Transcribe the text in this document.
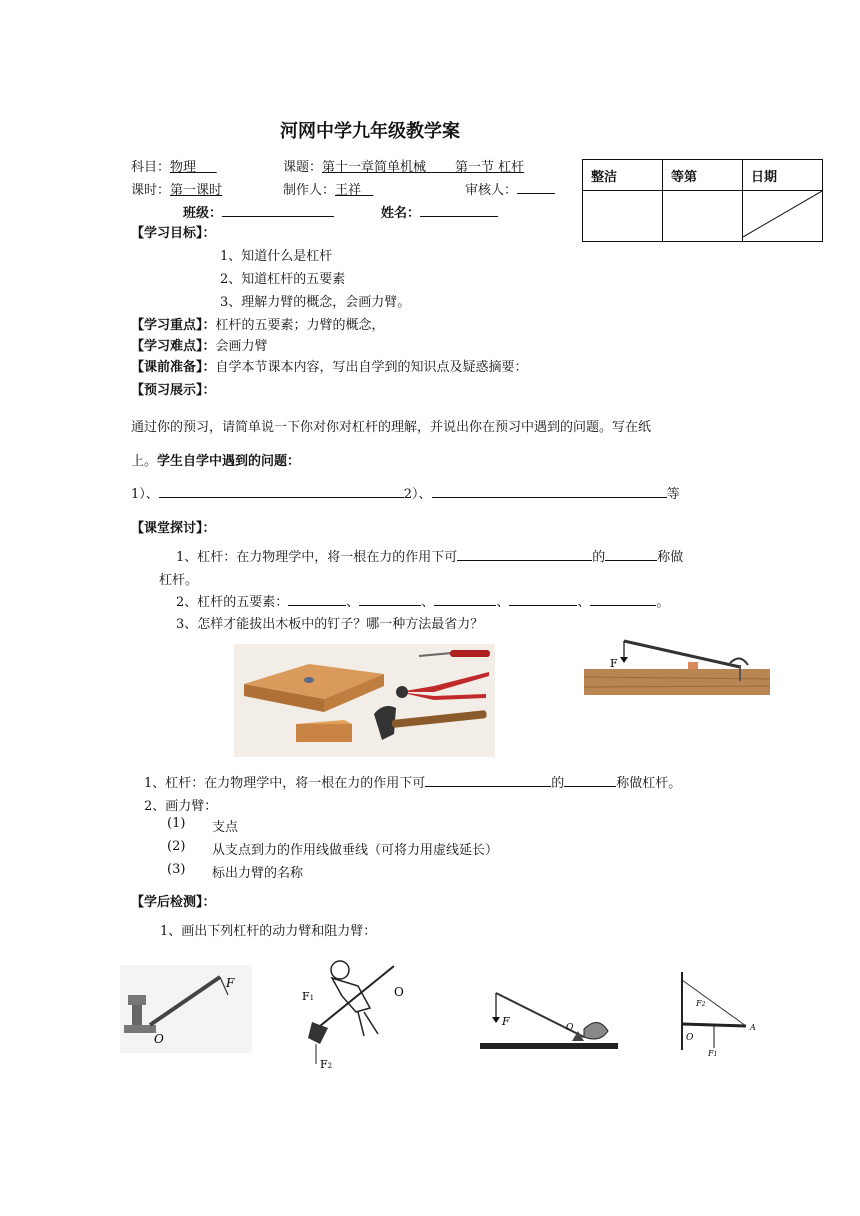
河网中学九年级教学案
科目：物理	课题：第十一章简单机械 第一节 杠杆
课时：第一课时	制作人：王祥	审核人：
班级：	姓名：
整洁	等第	日期

【学习目标】：
1、知道什么是杠杆
2、知道杠杆的五要素
3、理解力臂的概念，会画力臂。
【学习重点】：杠杆的五要素；力臂的概念，
【学习难点】：会画力臂
【课前准备】：自学本节课本内容，写出自学到的知识点及疑惑摘要：
【预习展示】：
通过你的预习，请简单说一下你对你对杠杆的理解，并说出你在预习中遇到的问题。写在纸
上。学生自学中遇到的问题：
1）、	2）、	等
【课堂探讨】：
1、杠杆：在力物理学中，将一根在力的作用下可	的	称做
杠杆。
2、杠杆的五要素：	、	、	、	、	。
3、怎样才能拔出木板中的钉子？哪一种方法最省力？
F
1、杠杆：在力物理学中，将一根在力的作用下可	的	称做杠杆。
2、画力臂：
(1) 支点
(2) 从支点到力的作用线做垂线（可将力用虚线延长）
(3) 标出力臂的名称
【学后检测】：
1、画出下列杠杆的动力臂和阻力臂：
F
O
F1
F2
O
F	O
F2
O
A
F1
